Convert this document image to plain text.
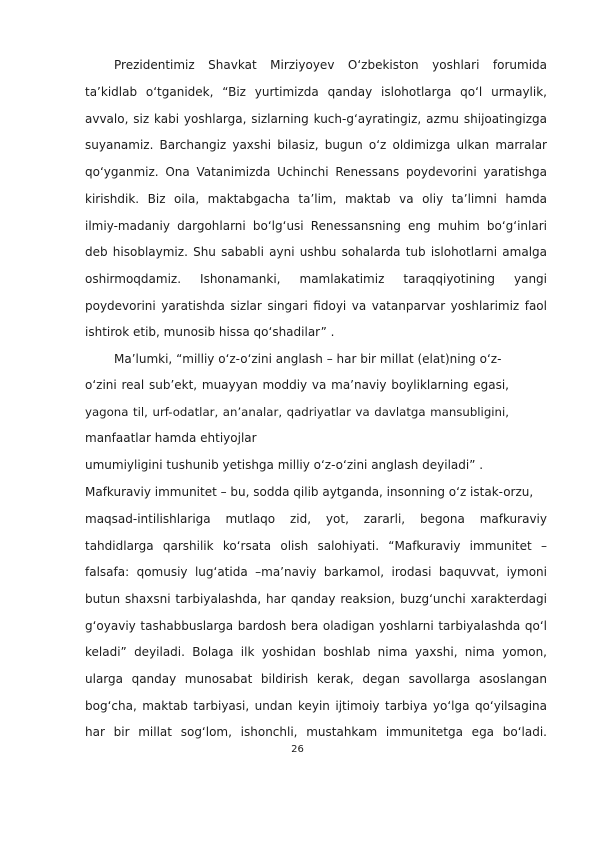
Prezidentimiz Shavkat Mirziyoyev O‘zbekiston yoshlari forumida
ta’kidlab o‘tganidek, “Biz yurtimizda qanday islohotlarga qo‘l urmaylik,
avvalo, siz kabi yoshlarga, sizlarning kuch-g‘ayratingiz, azmu shijoatingizga
suyanamiz. Barchangiz yaxshi bilasiz, bugun o‘z oldimizga ulkan marralar
qo‘yganmiz. Ona Vatanimizda Uchinchi Renessans poydevorini yaratishga
kirishdik. Biz oila, maktabgacha ta’lim, maktab va oliy ta’limni hamda
ilmiy-madaniy dargohlarni bo‘lg‘usi Renessansning eng muhim bo‘g‘inlari
deb hisoblaymiz. Shu sababli ayni ushbu sohalarda tub islohotlarni amalga
oshirmoqdamiz. Ishonamanki, mamlakatimiz taraqqiyotining yangi
poydevorini yaratishda sizlar singari fidoyi va vatanparvar yoshlarimiz faol
ishtirok etib, munosib hissa qo‘shadilar” .
Ma’lumki, “milliy o‘z-o‘zini anglash – har bir millat (elat)ning o‘z-
o‘zini real sub’ekt, muayyan moddiy va ma’naviy boyliklarning egasi,
yagona til, urf-odatlar, an’analar, qadriyatlar va davlatga mansubligini,
manfaatlar hamda ehtiyojlar
umumiyligini tushunib yetishga milliy o‘z-o‘zini anglash deyiladi” .
Mafkuraviy immunitet – bu, sodda qilib aytganda, insonning o‘z istak-orzu,
maqsad-intilishlariga mutlaqo zid, yot, zararli, begona mafkuraviy
tahdidlarga qarshilik ko‘rsata olish salohiyati. “Mafkuraviy immunitet –
falsafa: qomusiy lug‘atida –ma’naviy barkamol, irodasi baquvvat, iymoni
butun shaxsni tarbiyalashda, har qanday reaksion, buzg‘unchi xarakterdagi
g‘oyaviy tashabbuslarga bardosh bera oladigan yoshlarni tarbiyalashda qo‘l
keladi” deyiladi. Bolaga ilk yoshidan boshlab nima yaxshi, nima yomon,
ularga qanday munosabat bildirish kerak, degan savollarga asoslangan
bog‘cha, maktab tarbiyasi, undan keyin ijtimoiy tarbiya yo‘lga qo‘yilsagina
har bir millat sog‘lom, ishonchli, mustahkam immunitetga ega bo‘ladi.
26
